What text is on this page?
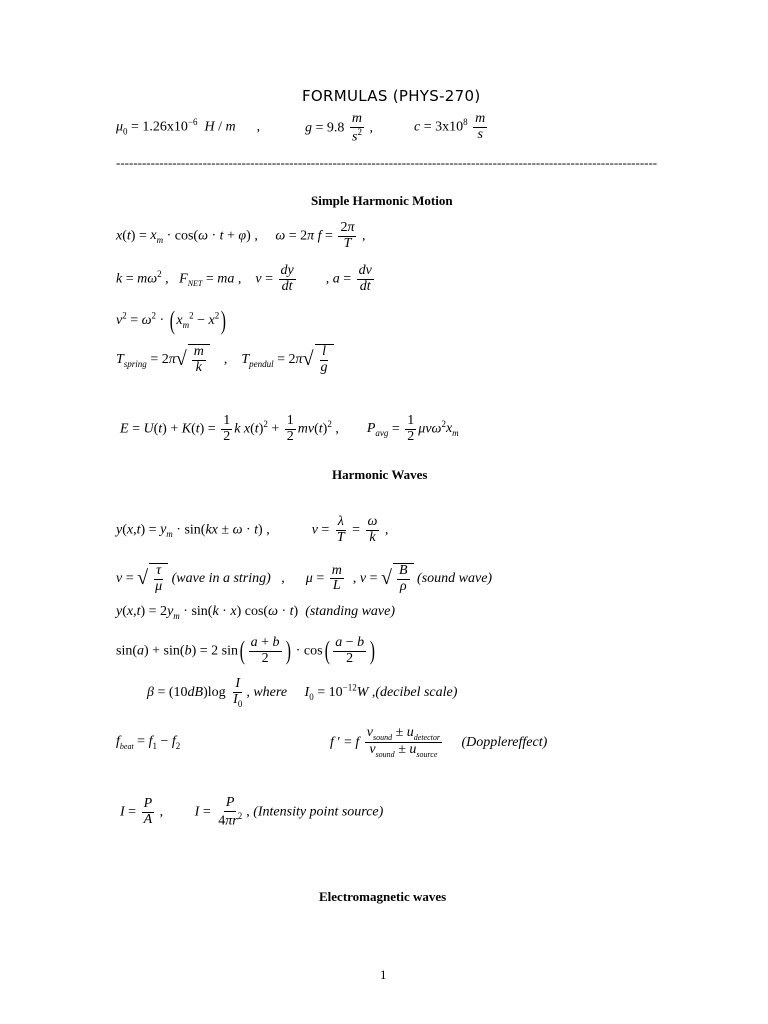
FORMULAS (PHYS-270)
$\mu_0 = 1.26x10^{-6}$ H / m      ,	$g = 9.8 \frac{m}{s^2}$ ,	$c = 3x10^8 \frac{m}{s}$
-----------------------------------------------------------------------------------------------------------------------------
Simple Harmonic Motion
$x(t) = x_m \cdot \cos(\omega \cdot t + \varphi)$ ,     ω = 2π $f = \frac{2\pi}{T}$ ,
$k = m\omega^2$ ,   $F_{NET}$ = ma ,    $v = \frac{dy}{dt}$ , $a = \frac{dv}{dt}$
$v^2 = \omega^2$ · ( $x_m^2 - x^2$)
$T_{spring} = 2\pi√ \frac{m}{k}$ ,    $T_{pendul} = 2\pi√ \frac{l}{g}$
$E = U(t) + K(t) = \frac{1}{2}$ k $x(t)^2 + \frac{1}{2} mv(t)^2$ ,        $P_{avg} = \frac{1}{2} \mu v\omega^2x_m$
Harmonic Waves
$y(x,t) = y_m \cdot \sin(kx \pm \omega \cdot t)$ ,            $v = \frac{\lambda}{T} = \frac{\omega}{k}$ ,
v = √ $\frac{\tau}{\mu}$ (wave in a string)   ,      $\mu = \frac{m}{L}$ , v = √ $\frac{B}{\rho}$ (sound wave)
$y(x,t) = 2y_m \cdot \sin(k \cdot x) \cos(\omega \cdot t)$  (standing wave)
sin(a) + sin(b) = 2 $\sin( \frac{a + b}{2}$ ) · $\cos( \frac{a - b}{2}$ )
$\beta = (10dB)\log \frac{I}{I_0}$ , where $I_0 = 10^{-12}W$ ,(decibel scale)
$f_{beat} = f_1 - f_2$	f ′ = f $\frac{v_{sound} \pm u_{detector}}{v_{sound} \pm u_{source}}$ (Dopplereffect)
$I = \frac{P}{A}$ ,         $I = \frac{P}{4\pi r^2}$ , (Intensity point source)
Electromagnetic waves
1
